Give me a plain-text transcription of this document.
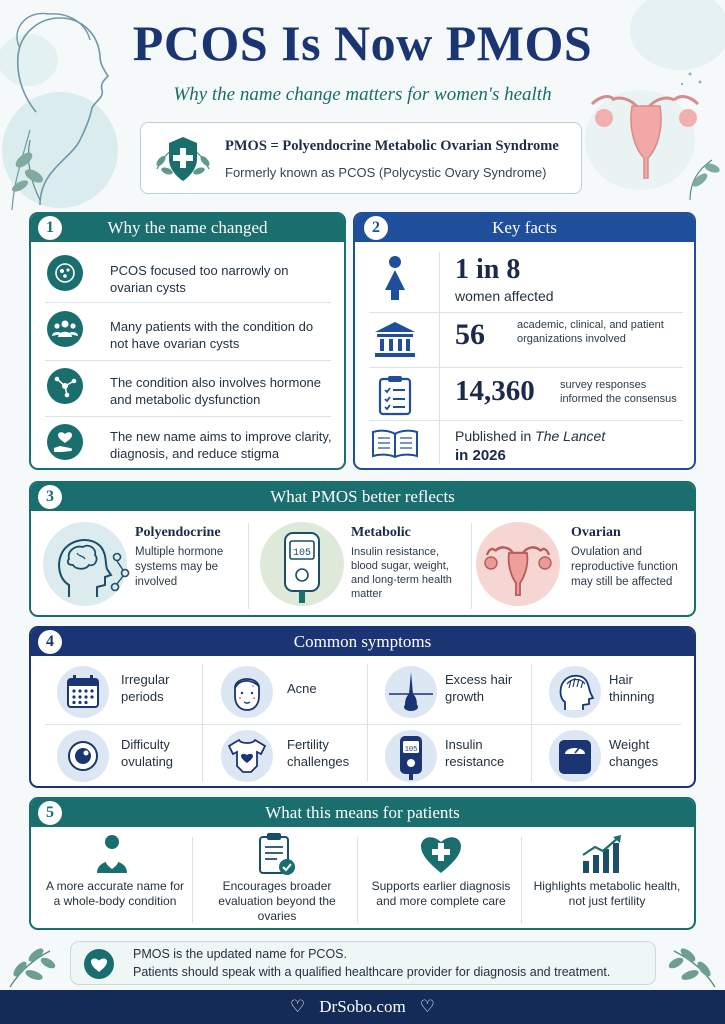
PCOS Is Now PMOS
Why the name change matters for women's health
PMOS = Polyendocrine Metabolic Ovarian Syndrome
Formerly known as PCOS (Polycystic Ovary Syndrome)
Why the name changed
1
PCOS focused too narrowly on ovarian cysts
Many patients with the condition do not have ovarian cysts
The condition also involves hormone and metabolic dysfunction
The new name aims to improve clarity, diagnosis, and reduce stigma
Key facts
2
1 in 8
women affected
56	academic, clinical, and patient organizations involved
14,360 survey responses informed the consensus
Published in The Lancet
in 2026
What PMOS better reflects
3
Polyendocrine
Multiple hormone systems may be involved
105
Metabolic
Insulin resistance, blood sugar, weight, and long-term health matter
Ovarian
Ovulation and reproductive function may still be affected
Common symptoms
4
Irregular periods
Acne
Excess hair growth
Hair thinning
Difficulty ovulating
Fertility challenges
105 Insulin resistance
Weight changes
What this means for patients
5
A more accurate name for a whole-body condition
Encourages broader evaluation beyond the ovaries
Supports earlier diagnosis and more complete care
Highlights metabolic health, not just fertility
PMOS is the updated name for PCOS.
Patients should speak with a qualified healthcare provider for diagnosis and treatment.
♡ DrSobo.com ♡
